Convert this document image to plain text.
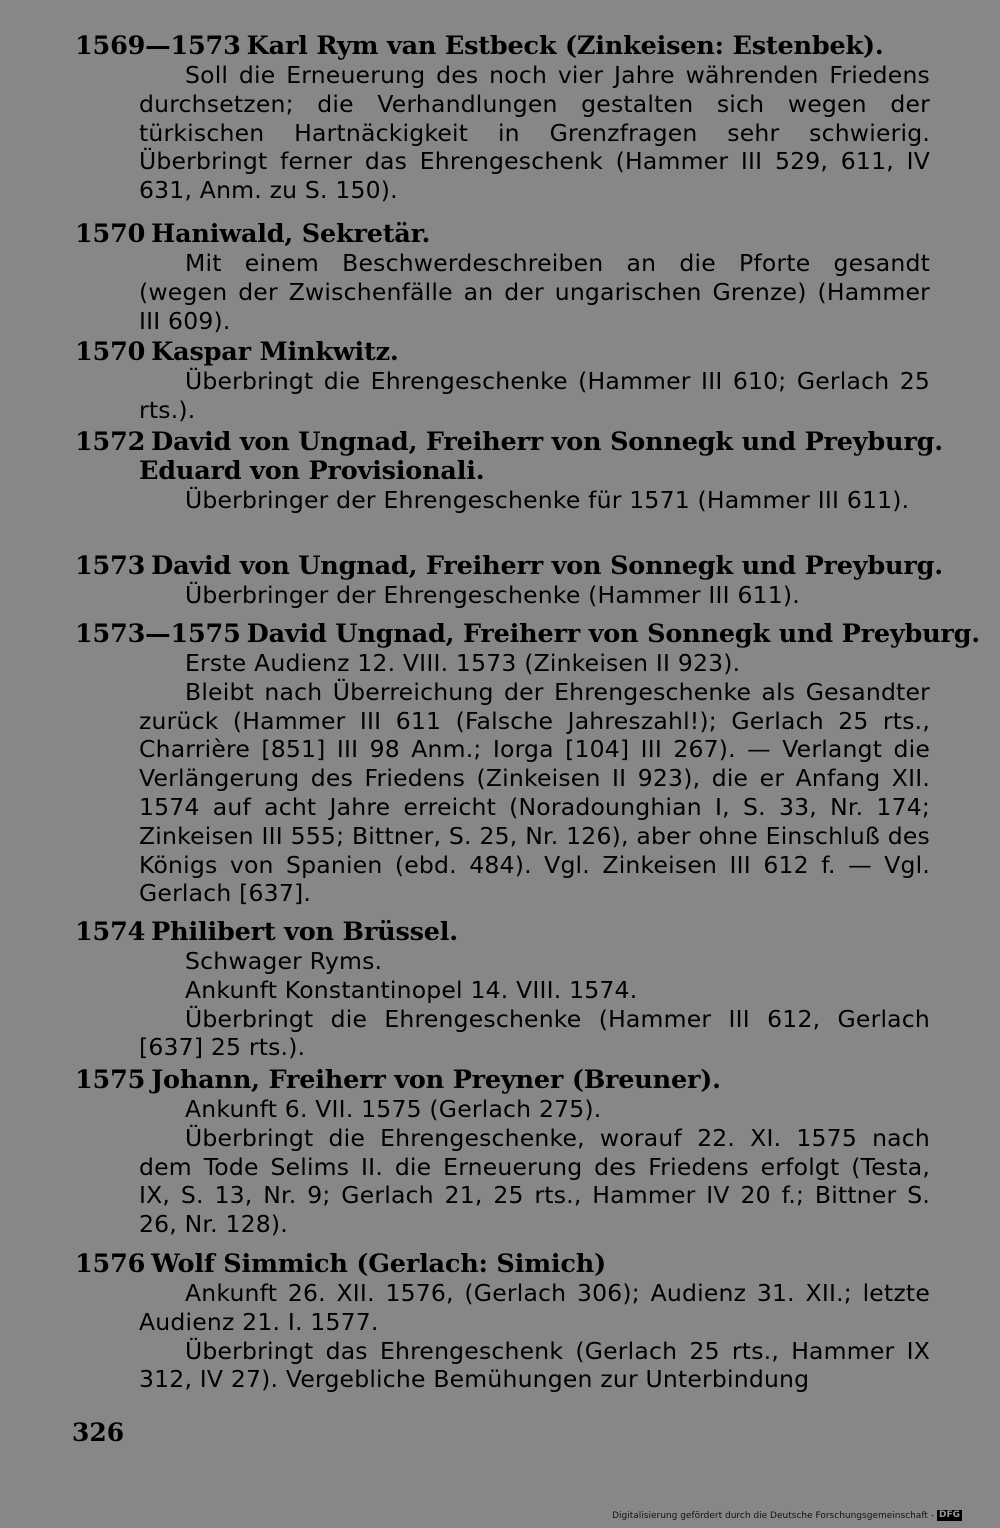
1569—1573 Karl Rym van Estbeck (Zinkeisen: Estenbek).
Soll die Erneuerung des noch vier Jahre währenden Friedens durchsetzen; die Verhandlungen gestalten sich wegen der türkischen Hartnäckigkeit in Grenzfragen sehr schwierig. Überbringt ferner das Ehrengeschenk (Hammer III 529, 611, IV 631, Anm. zu S. 150).
1570 Haniwald, Sekretär.
Mit einem Beschwerdeschreiben an die Pforte gesandt (wegen der Zwischenfälle an der ungarischen Grenze) (Hammer III 609).
1570 Kaspar Minkwitz.
Überbringt die Ehrengeschenke (Hammer III 610; Gerlach 25 rts.).
1572 David von Ungnad, Freiherr von Sonnegk und Preyburg.
Eduard von Provisionali.
Überbringer der Ehrengeschenke für 1571 (Hammer III 611).
1573 David von Ungnad, Freiherr von Sonnegk und Preyburg.
Überbringer der Ehrengeschenke (Hammer III 611).
1573—1575 David Ungnad, Freiherr von Sonnegk und Preyburg.
Erste Audienz 12. VIII. 1573 (Zinkeisen II 923).
Bleibt nach Überreichung der Ehrengeschenke als Gesandter zurück (Hammer III 611 (Falsche Jahreszahl!); Gerlach 25 rts., Charrière [851] III 98 Anm.; Iorga [104] III 267). — Verlangt die Verlängerung des Friedens (Zinkeisen II 923), die er Anfang XII. 1574 auf acht Jahre erreicht (Noradounghian I, S. 33, Nr. 174; Zinkeisen III 555; Bittner, S. 25, Nr. 126), aber ohne Einschluß des Königs von Spanien (ebd. 484). Vgl. Zinkeisen III 612 f. — Vgl. Gerlach [637].
1574 Philibert von Brüssel.
Schwager Ryms.
Ankunft Konstantinopel 14. VIII. 1574.
Überbringt die Ehrengeschenke (Hammer III 612, Gerlach [637] 25 rts.).
1575 Johann, Freiherr von Preyner (Breuner).
Ankunft 6. VII. 1575 (Gerlach 275).
Überbringt die Ehrengeschenke, worauf 22. XI. 1575 nach dem Tode Selims II. die Erneuerung des Friedens erfolgt (Testa, IX, S. 13, Nr. 9; Gerlach 21, 25 rts., Hammer IV 20 f.; Bittner S. 26, Nr. 128).
1576 Wolf Simmich (Gerlach: Simich)
Ankunft 26. XII. 1576, (Gerlach 306); Audienz 31. XII.; letzte Audienz 21. I. 1577.
Überbringt das Ehrengeschenk (Gerlach 25 rts., Hammer IX 312, IV 27). Vergebliche Bemühungen zur Unterbindung
326
Digitalisierung gefördert durch die Deutsche Forschungsgemeinschaft - DFG
